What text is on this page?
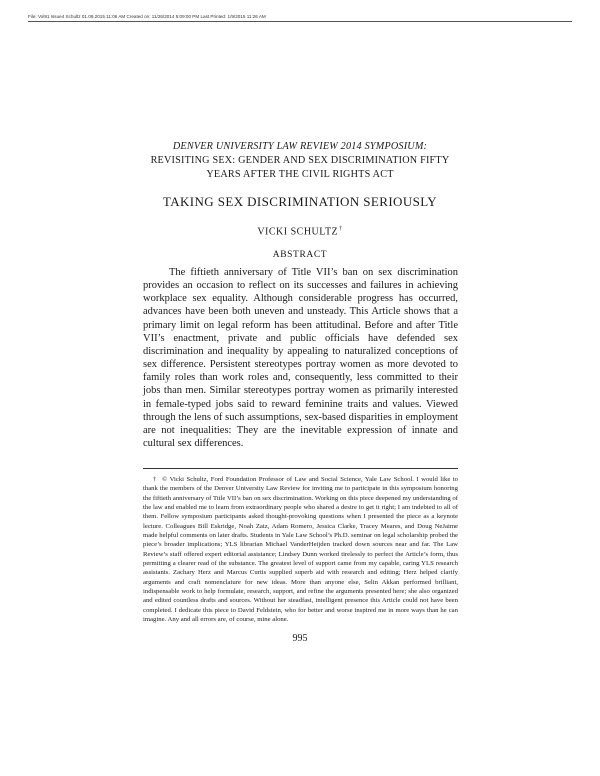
File: Vol91 Issue4 Schultz 01.09.2015 11:06 AM Created on: 11/26/2014 5:09:00 PM Last Printed: 1/9/2015 11:26 AM
DENVER UNIVERSITY LAW REVIEW 2014 SYMPOSIUM:
REVISITING SEX: GENDER AND SEX DISCRIMINATION FIFTY
YEARS AFTER THE CIVIL RIGHTS ACT
TAKING SEX DISCRIMINATION SERIOUSLY
VICKI SCHULTZ†
ABSTRACT
The fiftieth anniversary of Title VII’s ban on sex discrimination provides an occasion to reflect on its successes and failures in achieving workplace sex equality. Although considerable progress has occurred, advances have been both uneven and unsteady. This Article shows that a primary limit on legal reform has been attitudinal. Before and after Title VII’s enactment, private and public officials have defended sex discrimination and inequality by appealing to naturalized conceptions of sex difference. Persistent stereotypes portray women as more devoted to family roles than work roles and, consequently, less committed to their jobs than men. Similar stereotypes portray women as primarily interested in female-typed jobs said to reward feminine traits and values. Viewed through the lens of such assumptions, sex-based disparities in employment are not inequalities: They are the inevitable expression of innate and cultural sex differences.
† © Vicki Schultz, Ford Foundation Professor of Law and Social Science, Yale Law School. I would like to thank the members of the Denver University Law Review for inviting me to participate in this symposium honoring the fiftieth anniversary of Title VII’s ban on sex discrimination. Working on this piece deepened my understanding of the law and enabled me to learn from extraordinary people who shared a desire to get it right; I am indebted to all of them. Fellow symposium participants asked thought-provoking questions when I presented the piece as a keynote lecture. Colleagues Bill Eskridge, Noah Zatz, Adam Romero, Jessica Clarke, Tracey Meares, and Doug NeJaime made helpful comments on later drafts. Students in Yale Law School’s Ph.D. seminar on legal scholarship probed the piece’s broader implications; YLS librarian Michael VanderHeijden tracked down sources near and far. The Law Review’s staff offered expert editorial assistance; Lindsey Dunn worked tirelessly to perfect the Article’s form, thus permitting a clearer read of the substance. The greatest level of support came from my capable, caring YLS research assistants. Zachary Herz and Marcus Curtis supplied superb aid with research and editing; Herz helped clarify arguments and craft nomenclature for new ideas. More than anyone else, Selin Akkan performed brilliant, indispensable work to help formulate, research, support, and refine the arguments presented here; she also organized and edited countless drafts and sources. Without her steadfast, intelligent presence this Article could not have been completed. I dedicate this piece to David Feldstein, who for better and worse inspired me in more ways than he can imagine. Any and all errors are, of course, mine alone.
995
